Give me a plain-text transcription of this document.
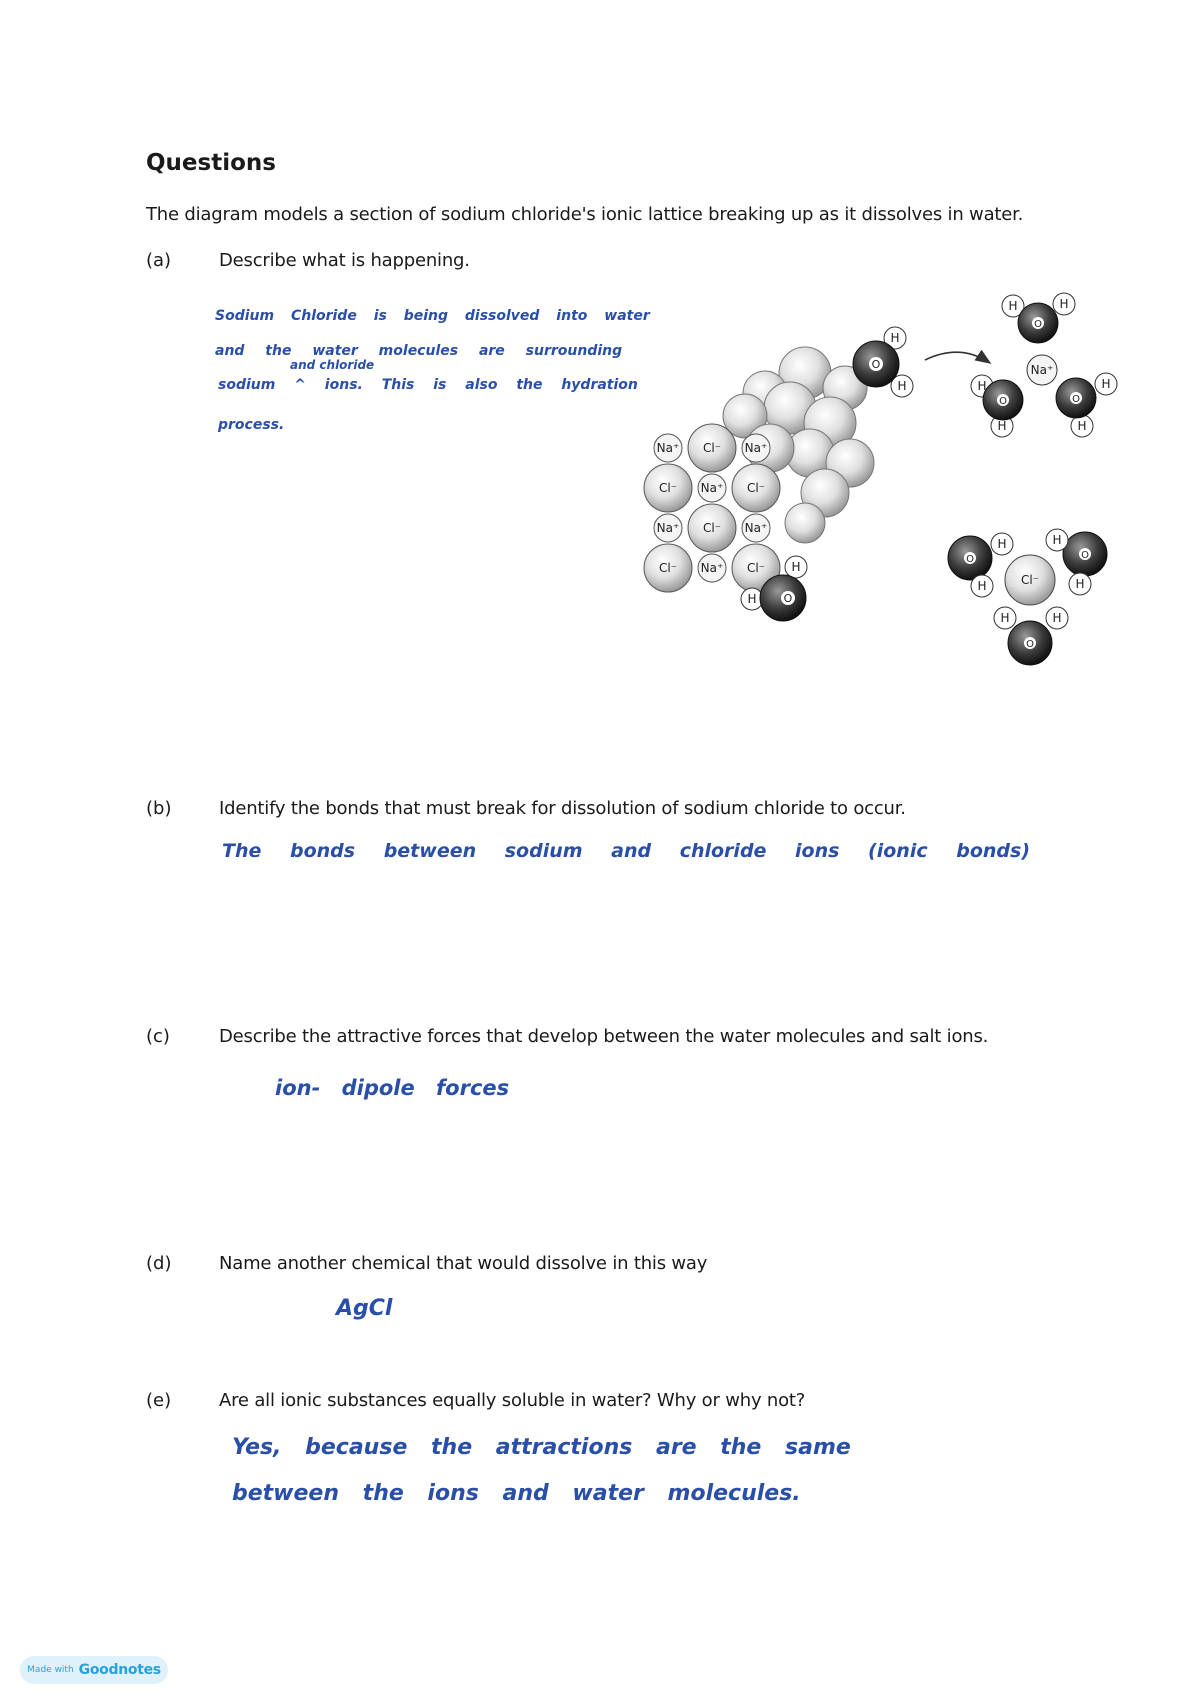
Questions
The diagram models a section of sodium chloride's ionic lattice breaking up as it dissolves in water.
(a)	Describe what is happening.
Sodium Chloride is being dissolved into water
and the water molecules are surrounding
and chloride
sodium ^ ions. This is also the hydration
process.
Na⁺ Cl⁻ Na⁺
Cl⁻ Na⁺ Cl⁻
Na⁺ Cl⁻ Na⁺
Cl⁻ Na⁺ Cl⁻ H
H O
H
H
O	Na⁺
H	H
O
H
H
O
H
H
O
Cl⁻
O
H
H
O
H
H
O
H	H
(b)	Identify the bonds that must break for dissolution of sodium chloride to occur.
The bonds between sodium and chloride ions (ionic bonds)
(c)	Describe the attractive forces that develop between the water molecules and salt ions.
ion- dipole forces
(d)	Name another chemical that would dissolve in this way
AgCl
(e)	Are all ionic substances equally soluble in water? Why or why not?
Yes, because the attractions are the same
between the ions and water molecules.
Made with Goodnotes
